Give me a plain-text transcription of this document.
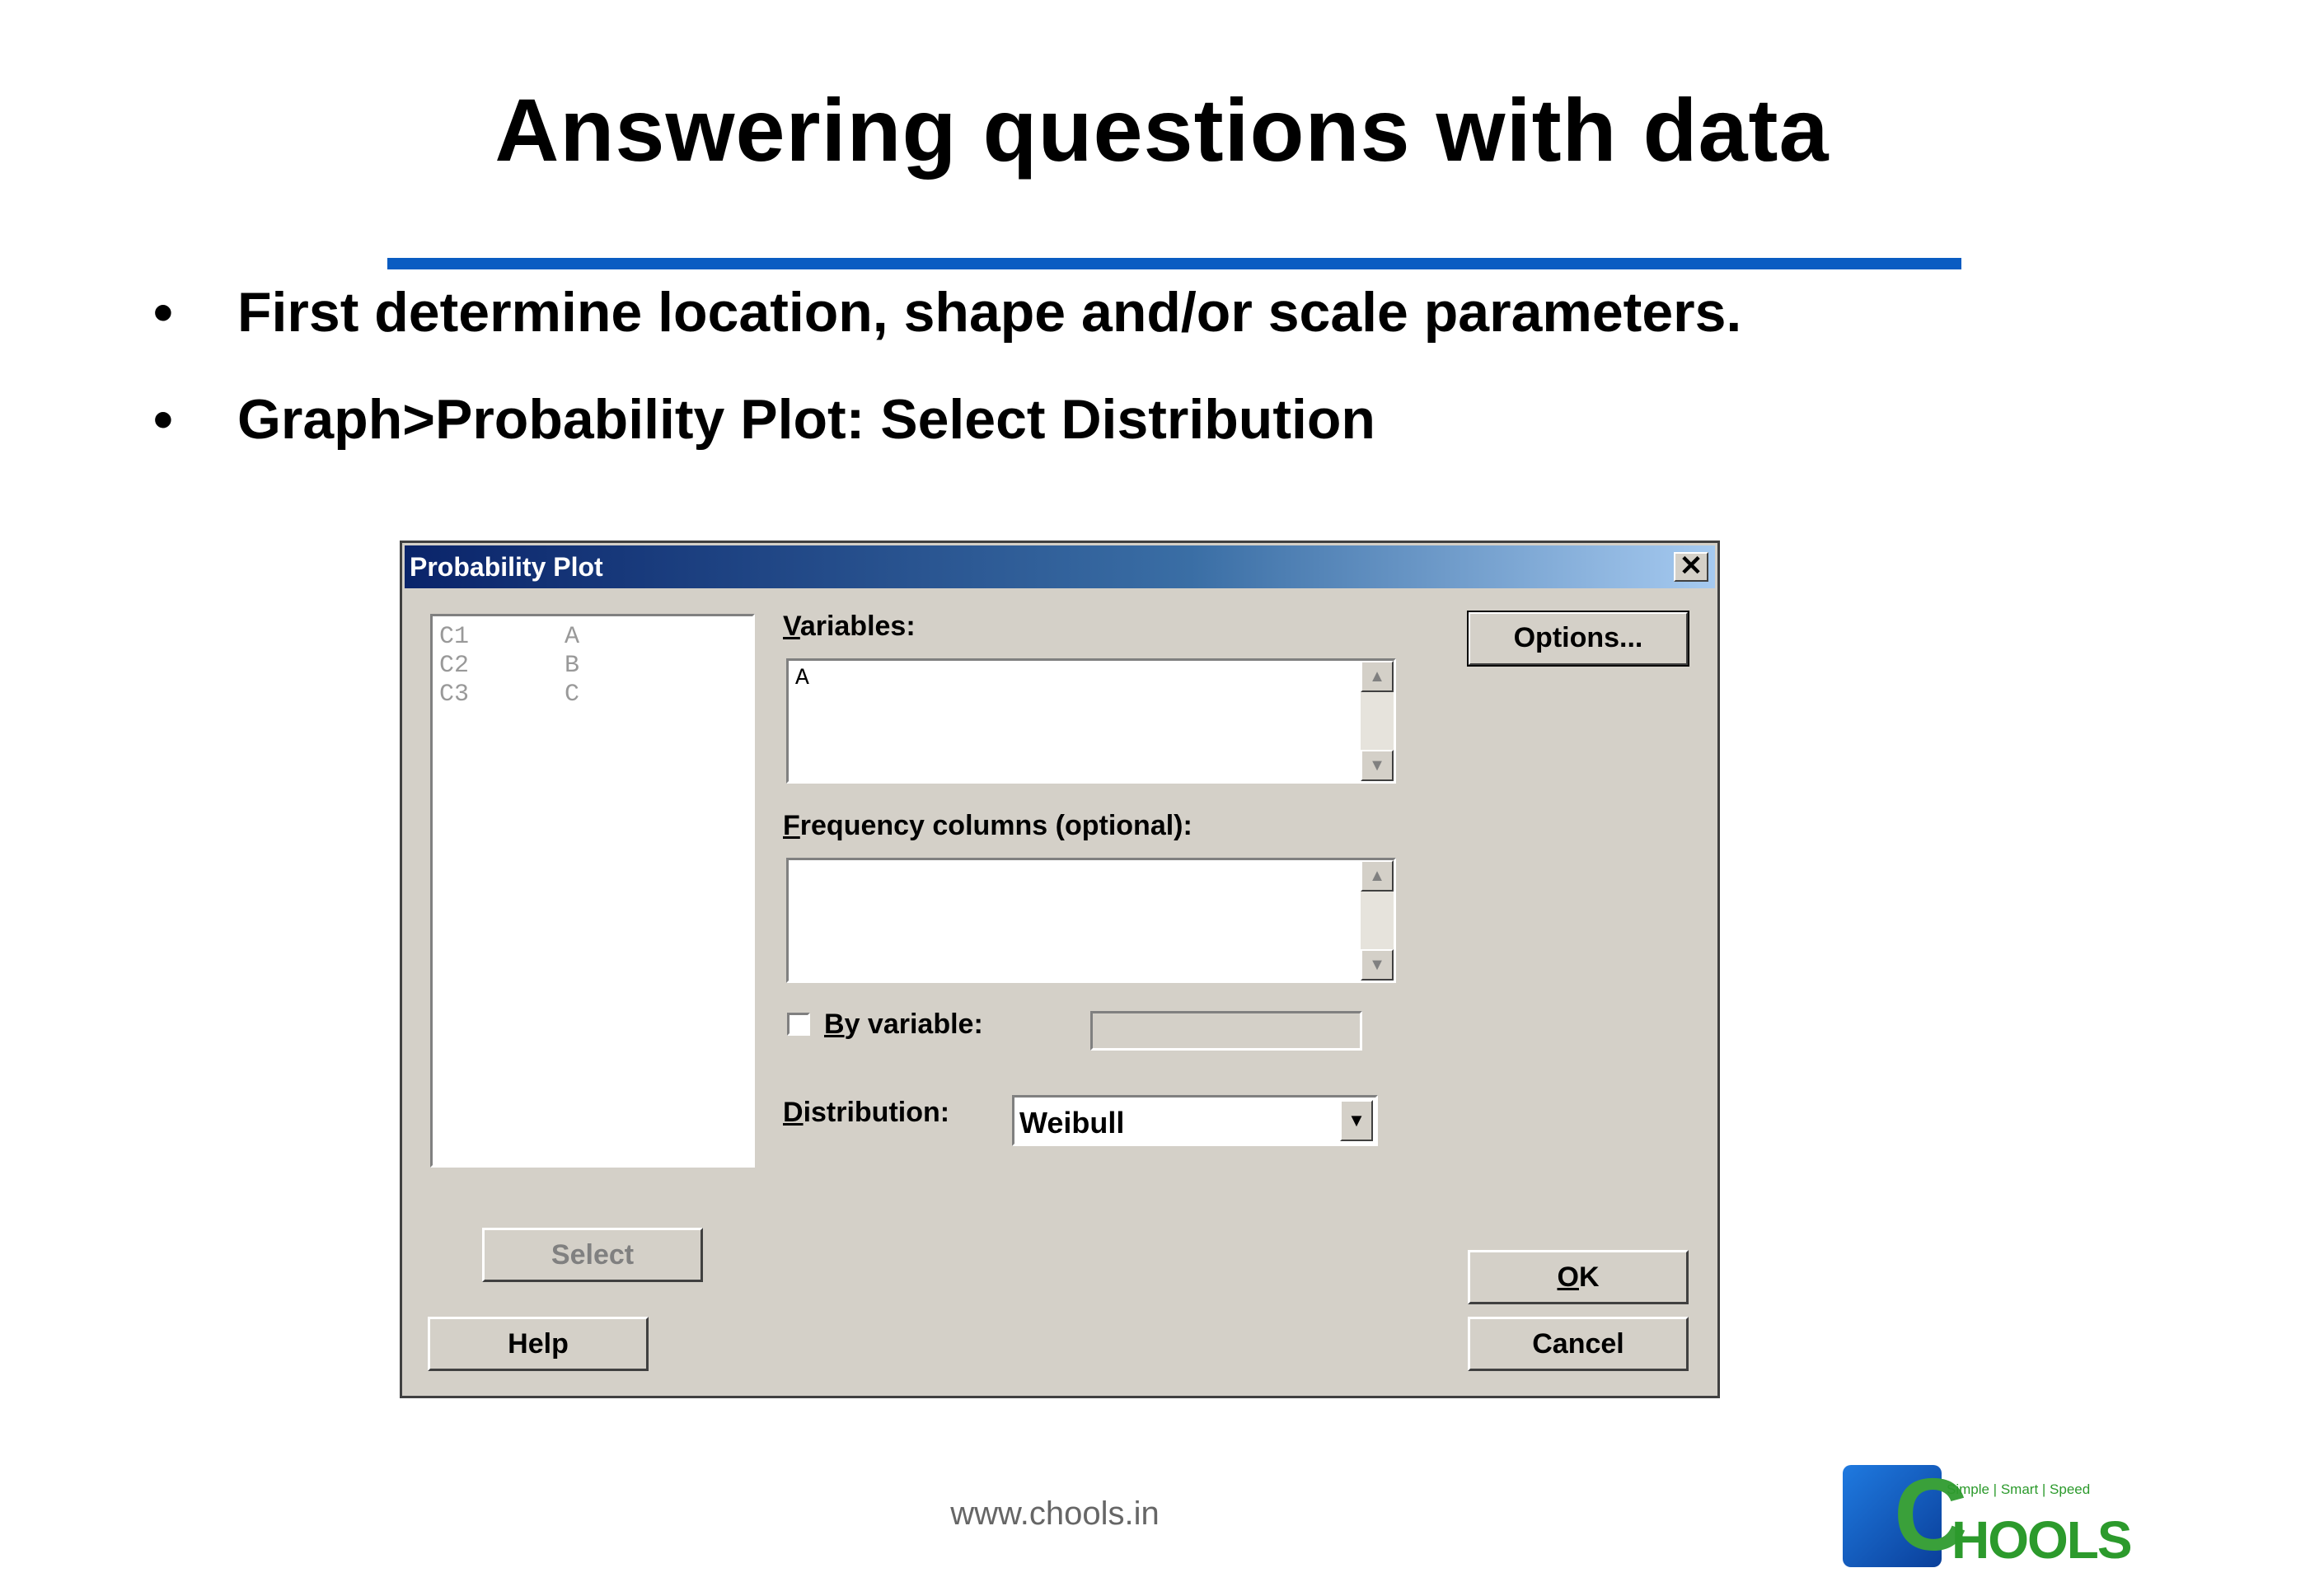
Answering questions with data
• First determine location, shape and/or scale parameters.
• Graph>Probability Plot: Select Distribution
Probability Plot	✕
C1	A
C2	B
C3	C
Variables:
A	▲
▼
Frequency columns (optional):
▲
▼
By variable:
Distribution: Weibull	▼
Options...
Select
Help
OK
Cancel
www.chools.in	C
Simple | Smart | Speed
HOOLS
